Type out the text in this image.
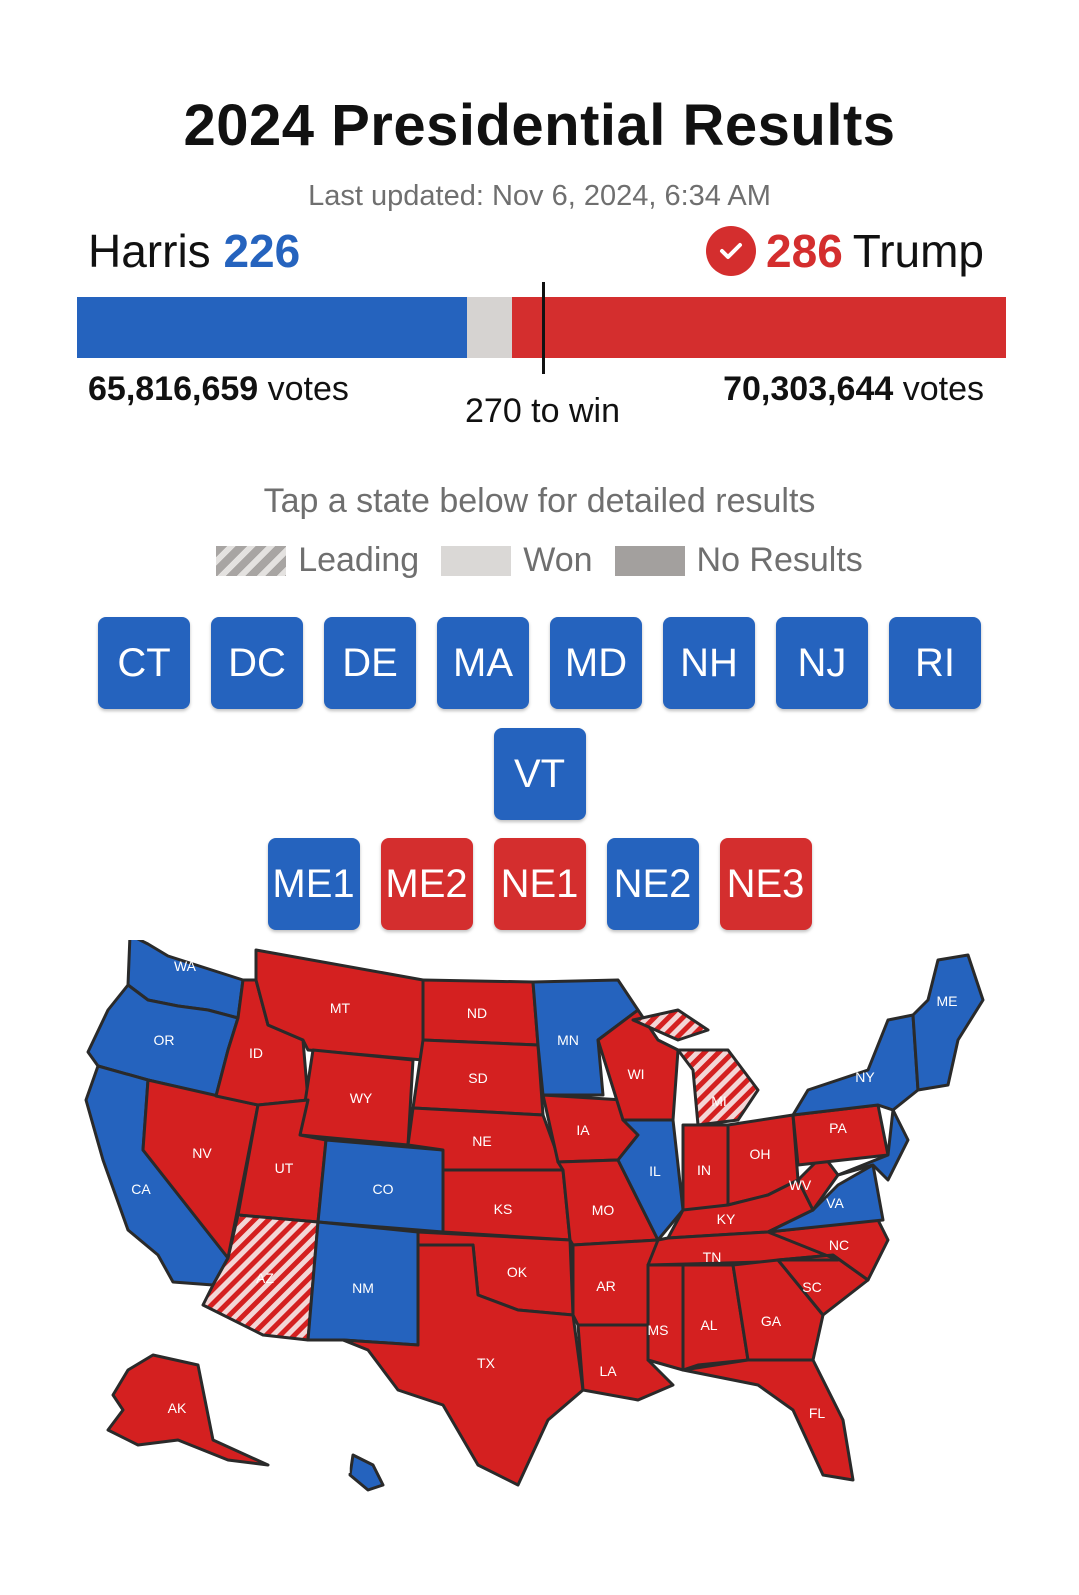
2024 Presidential Results
Last updated: Nov 6, 2024, 6:34 AM
Harris 226	286 Trump
65,816,659 votes
270 to win
70,303,644 votes
Tap a state below for detailed results
Leading	Won	No Results
CT	DC	DE	MA	MD	NH	NJ	RI
VT
ME1 ME2 NE1 NE2 NE3
WA
OR
CA
NV
ID
MT
WY
UT
AZ
CO
NM
ND
SD
NE
KS
OK
TX
MN
IA
MO
AR
LA
WI
IL
MI
IN
OH
KY
TN
MS AL	GA
FL
SC
NC
VA
WV
PA
NY
ME
AK
HI
